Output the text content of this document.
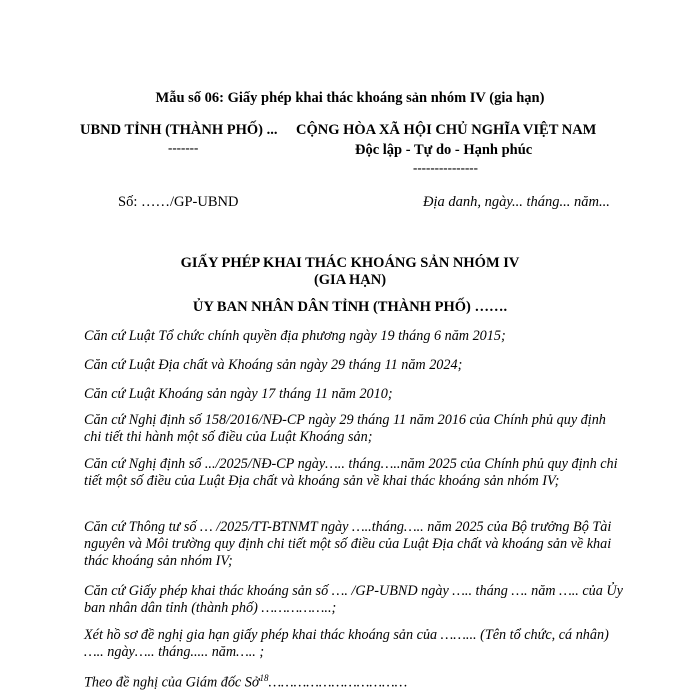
Mẫu số 06: Giấy phép khai thác khoáng sản nhóm IV (gia hạn)
UBND TỈNH (THÀNH PHỐ) ...
-------
CỘNG HÒA XÃ HỘI CHỦ NGHĨA VIỆT NAM
Độc lập - Tự do - Hạnh phúc
---------------
Số: ……/GP-UBND	Địa danh, ngày... tháng... năm...
GIẤY PHÉP KHAI THÁC KHOÁNG SẢN NHÓM IV
(GIA HẠN)
ỦY BAN NHÂN DÂN TỈNH (THÀNH PHỐ) …….
Căn cứ Luật Tổ chức chính quyền địa phương ngày 19 tháng 6 năm 2015;
Căn cứ Luật Địa chất và Khoáng sản ngày 29 tháng 11 năm 2024;
Căn cứ Luật Khoáng sản ngày 17 tháng 11 năm 2010;
Căn cứ Nghị định số 158/2016/NĐ-CP ngày 29 tháng 11 năm 2016 của Chính phủ quy định chi tiết thi hành một số điều của Luật Khoáng sản;
Căn cứ Nghị định số .../2025/NĐ-CP ngày….. tháng…..năm 2025 của Chính phủ quy định chi tiết một số điều của Luật Địa chất và khoáng sản về khai thác khoáng sản nhóm IV;
Căn cứ Thông tư số … /2025/TT-BTNMT ngày …..tháng….. năm 2025 của Bộ trưởng Bộ Tài nguyên và Môi trường quy định chi tiết một số điều của Luật Địa chất và khoáng sản về khai thác khoáng sản nhóm IV;
Căn cứ Giấy phép khai thác khoáng sản số …. /GP-UBND ngày ….. tháng …. năm ….. của Ủy ban nhân dân tỉnh (thành phố) ……………..;
Xét hồ sơ đề nghị gia hạn giấy phép khai thác khoáng sản của ……... (Tên tổ chức, cá nhân) ….. ngày….. tháng..... năm….. ;
Theo đề nghị của Giám đốc Sở$^{18}$……………………………
